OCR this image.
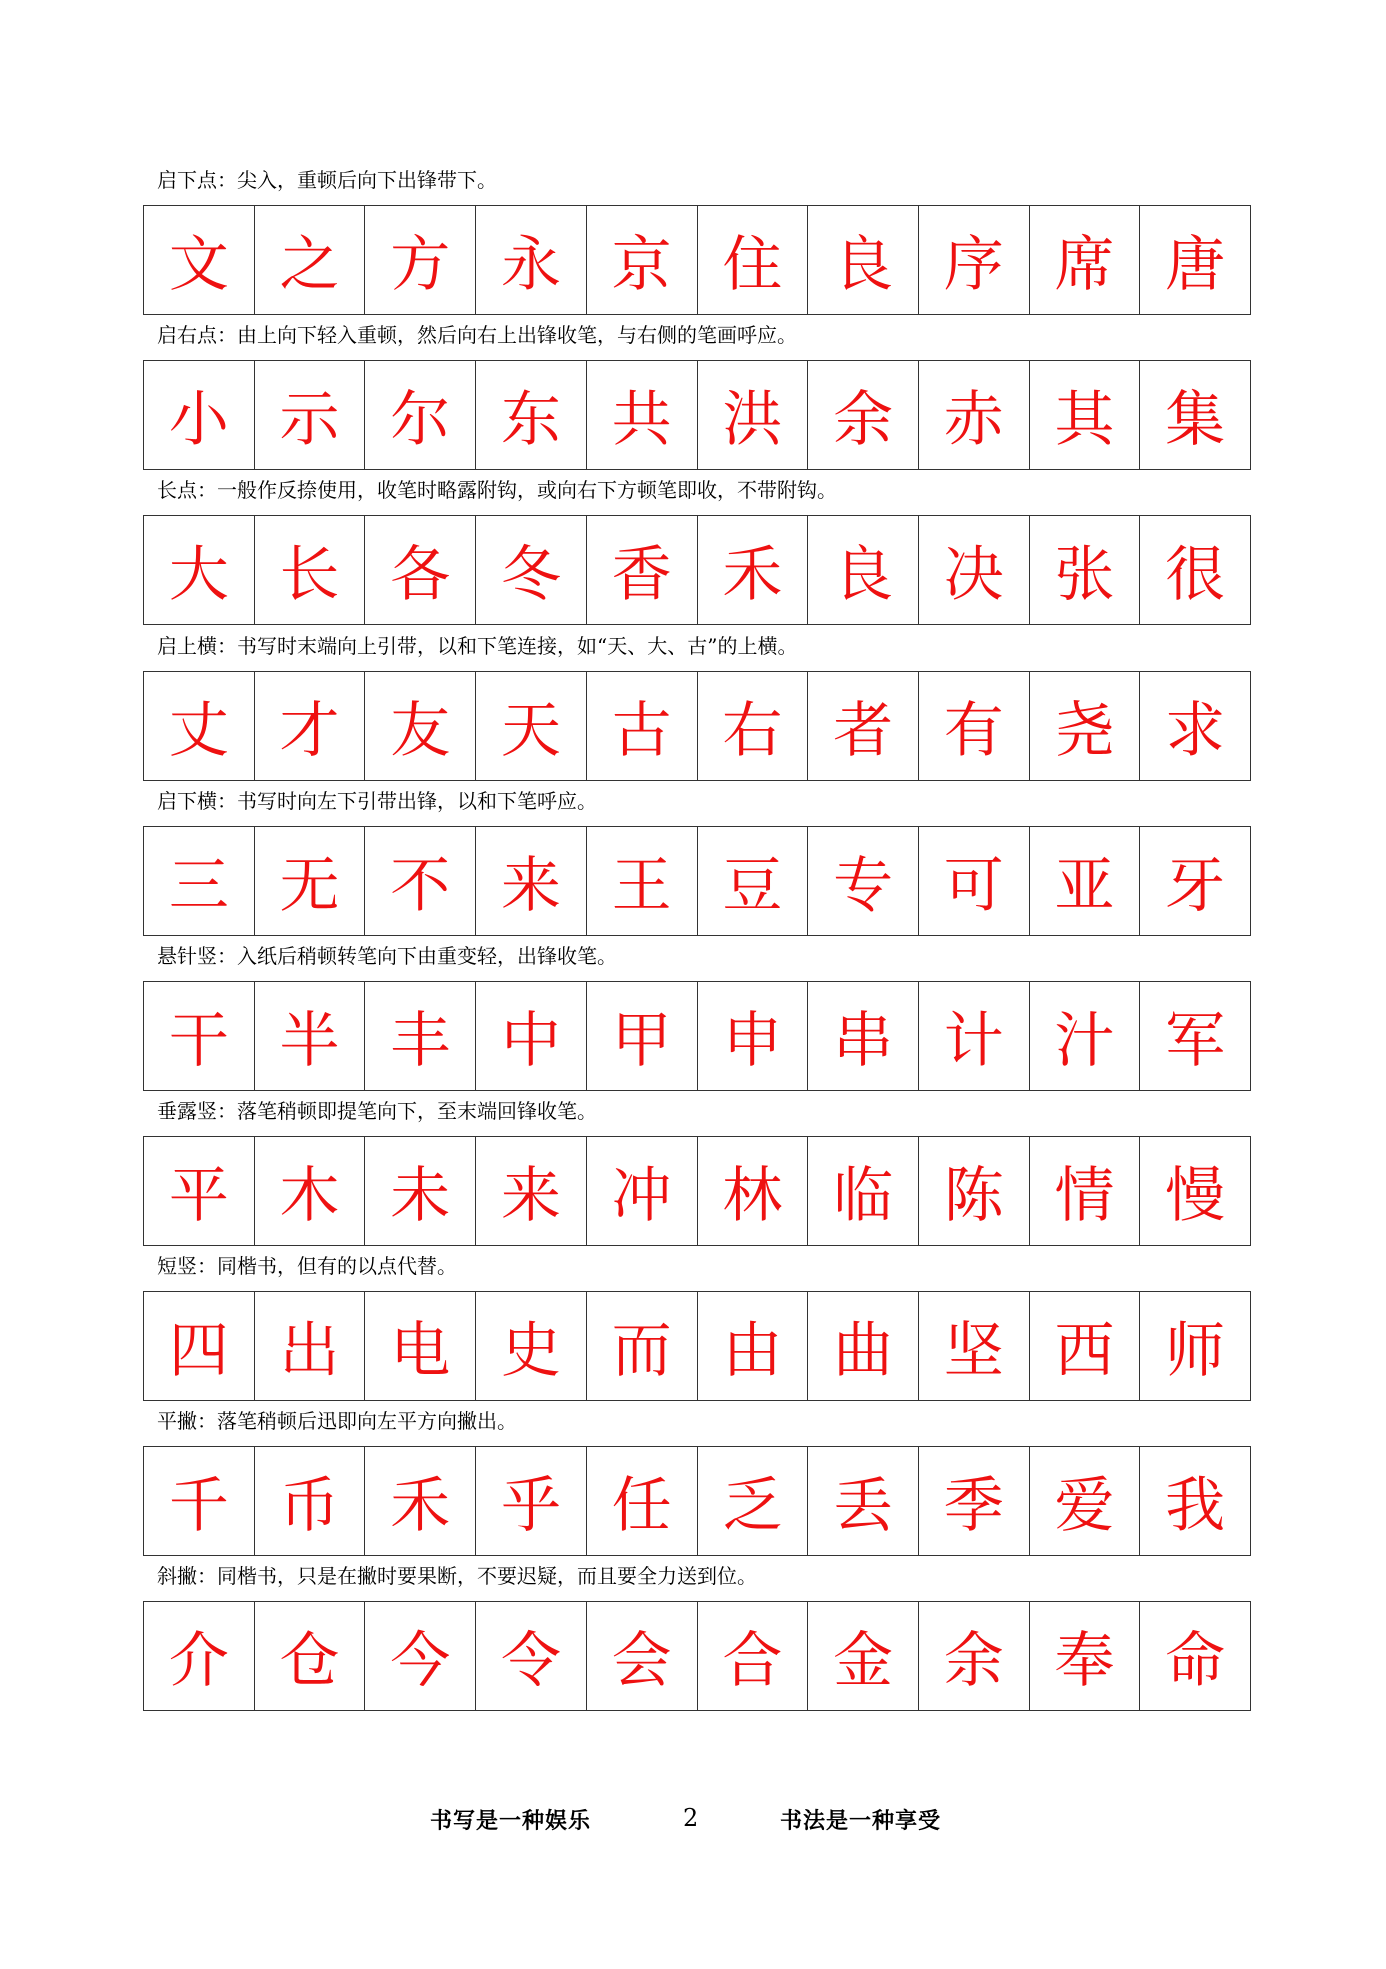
启下点：尖入，重顿后向下出锋带下。
文 之 方 永 京 住 良 序 席 唐
启右点：由上向下轻入重顿，然后向右上出锋收笔，与右侧的笔画呼应。
小 示 尔 东 共 洪 余 赤 其 集
长点：一般作反捺使用，收笔时略露附钩，或向右下方顿笔即收，不带附钩。
大 长 各 冬 香 禾 良 决 张 很
启上横：书写时末端向上引带，以和下笔连接，如“天、大、古”的上横。
丈 才 友 天 古 右 者 有 尧 求
启下横：书写时向左下引带出锋，以和下笔呼应。
三 无 不 来 王 豆 专 可 亚 牙
悬针竖：入纸后稍顿转笔向下由重变轻，出锋收笔。
干 半 丰 中 甲 申 串 计 汁 军
垂露竖：落笔稍顿即提笔向下，至末端回锋收笔。
平 木 未 来 冲 林 临 陈 情 慢
短竖：同楷书，但有的以点代替。
四 出 电 史 而 由 曲 坚 西 师
平撇：落笔稍顿后迅即向左平方向撇出。
千 币 禾 乎 任 乏 丢 季 爱 我
斜撇：同楷书，只是在撇时要果断，不要迟疑，而且要全力送到位。
介 仓 今 令 会 合 金 余 奉 命
书写是一种娱乐	2	书法是一种享受
